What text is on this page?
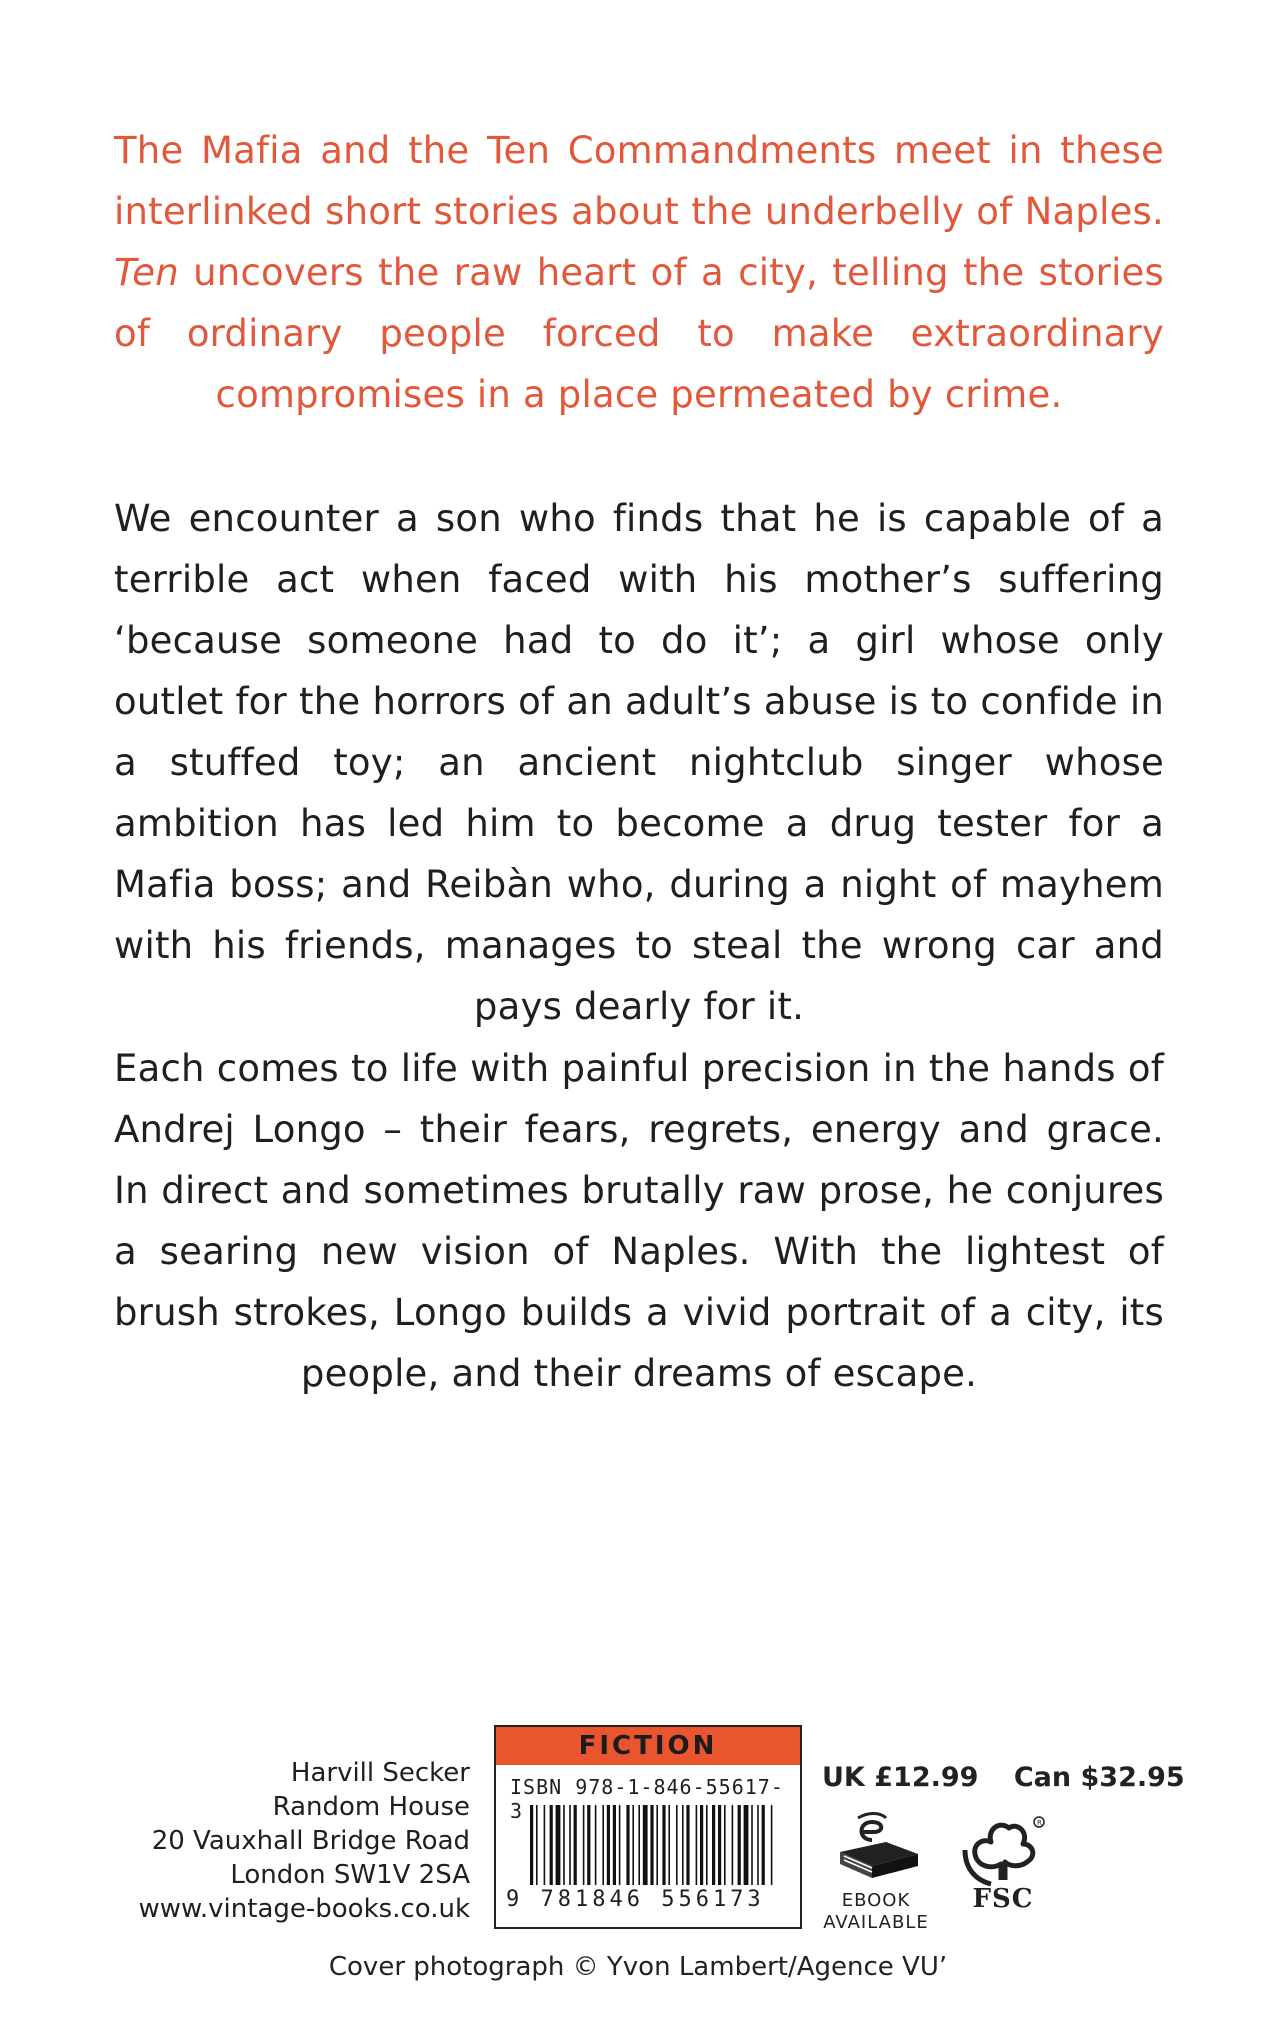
The Mafia and the Ten Commandments meet in these interlinked short stories about the underbelly of Naples. Ten uncovers the raw heart of a city, telling the stories of ordinary people forced to make extraordinary compromises in a place permeated by crime.
We encounter a son who finds that he is capable of a terrible act when faced with his mother’s suffering ‘because someone had to do it’; a girl whose only outlet for the horrors of an adult’s abuse is to confide in a stuffed toy; an ancient nightclub singer whose ambition has led him to become a drug tester for a Mafia boss; and Reibàn who, during a night of mayhem with his friends, manages to steal the wrong car and pays dearly for it.
Each comes to life with painful precision in the hands of Andrej Longo – their fears, regrets, energy and grace. In direct and sometimes brutally raw prose, he conjures a searing new vision of Naples. With the lightest of brush strokes, Longo builds a vivid portrait of a city, its people, and their dreams of escape.
Harvill Secker
Random House
20 Vauxhall Bridge Road
London SW1V 2SA
www.vintage-books.co.uk
FICTION
ISBN 978-1-846-55617-3
9 781846 556173
UK £12.99 Can $32.95
EBOOK
AVAILABLE
R
FSC
Cover photograph © Yvon Lambert/Agence VU’
